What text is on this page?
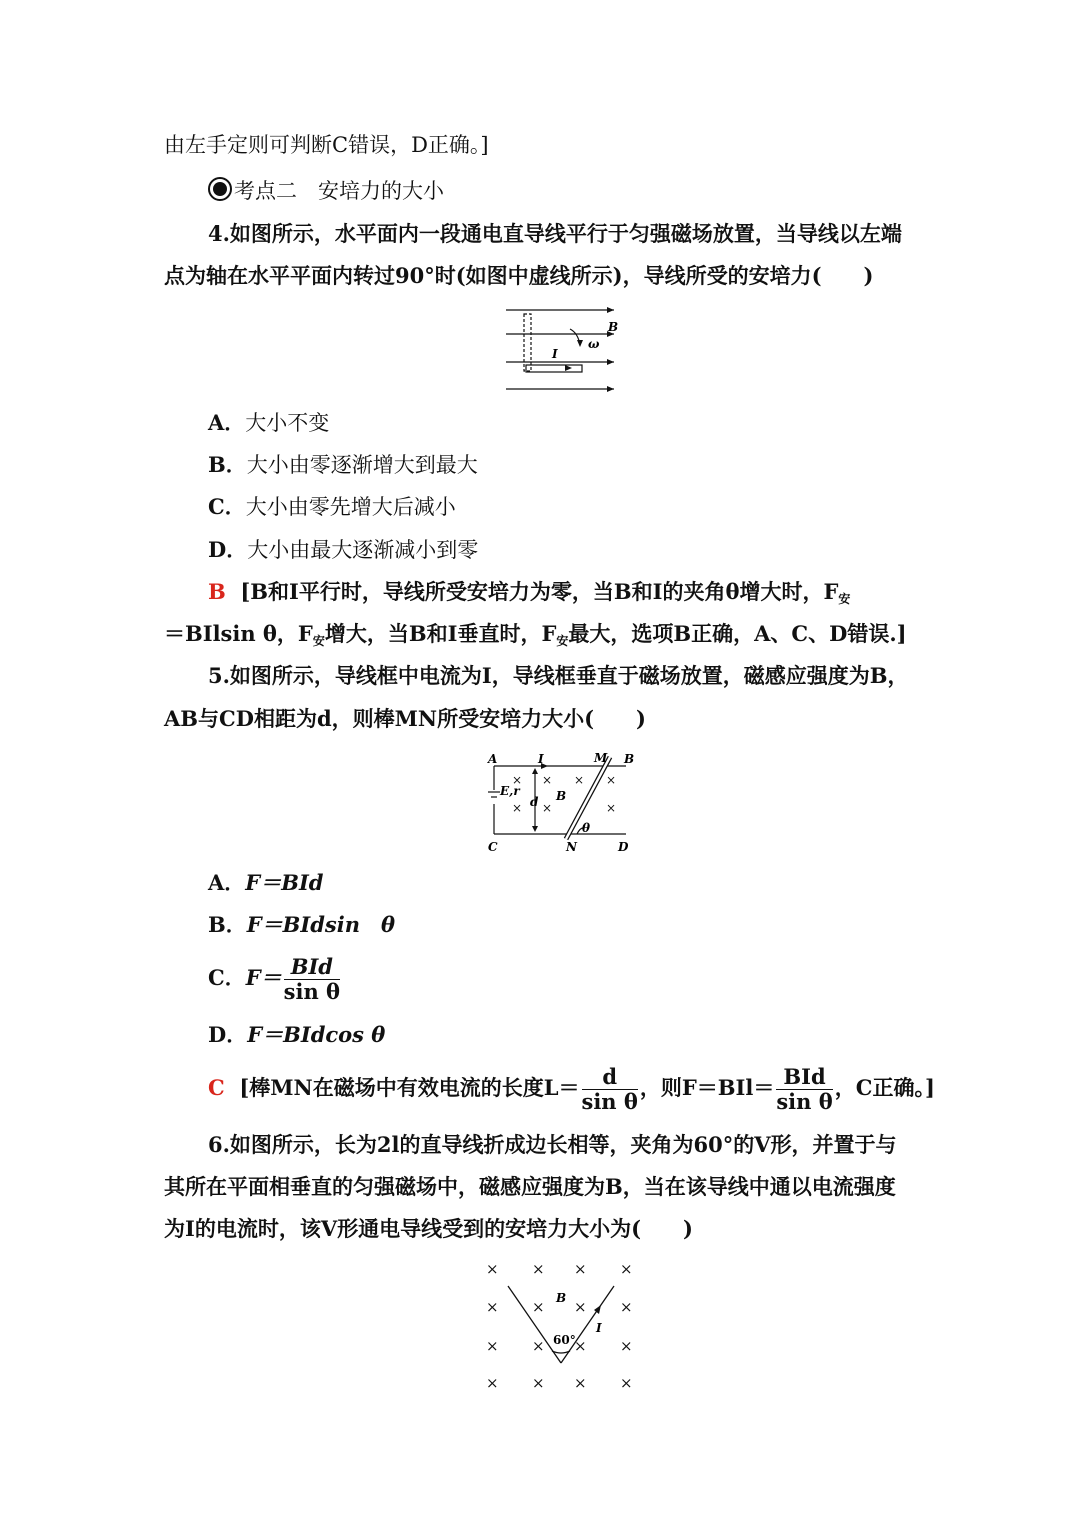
由左手定则可判断C错误，D正确。]
考点二　安培力的大小
4.如图所示，水平面内一段通电直导线平行于匀强磁场放置，当导线以左端
点为轴在水平平面内转过90°时(如图中虚线所示)，导线所受的安培力(　　)
B
ω
I
A．大小不变
B．大小由零逐渐增大到最大
C．大小由零先增大后减小
D．大小由最大逐渐减小到零
B [B和I平行时，导线所受安培力为零，当B和I的夹角θ增大时，$F_安$
＝BIlsin θ，$F_安$增大，当B和I垂直时，$F_安$最大，选项B正确，A、C、D错误.]
5.如图所示，导线框中电流为I，导线框垂直于磁场放置，磁感应强度为B，
AB与CD相距为d，则棒MN所受安培力大小(　　)
× × × ×
× ×	×
A	I	M B
E,r
d B
θ
C	N	D
A．F＝BId
B．F＝BIdsin　θ
C．$F= \frac{\text{BId}}{\text{sin θ}}$
D．F＝BIdcos θ
C [棒MN在磁场中有效电流的长度$L= \frac{d}{\text{sin θ}}$ ，则$F=BIl= \frac{\text{BId}}{\text{sin θ}}$ ，C正确。]
6.如图所示，长为2l的直导线折成边长相等，夹角为60°的V形，并置于与
其所在平面相垂直的匀强磁场中，磁感应强度为B，当在该导线中通以电流强度
为I的电流时，该V形通电导线受到的安培力大小为(　　)
× × × ×
× × × ×
× × × ×
× × × ×
B
I
60°
